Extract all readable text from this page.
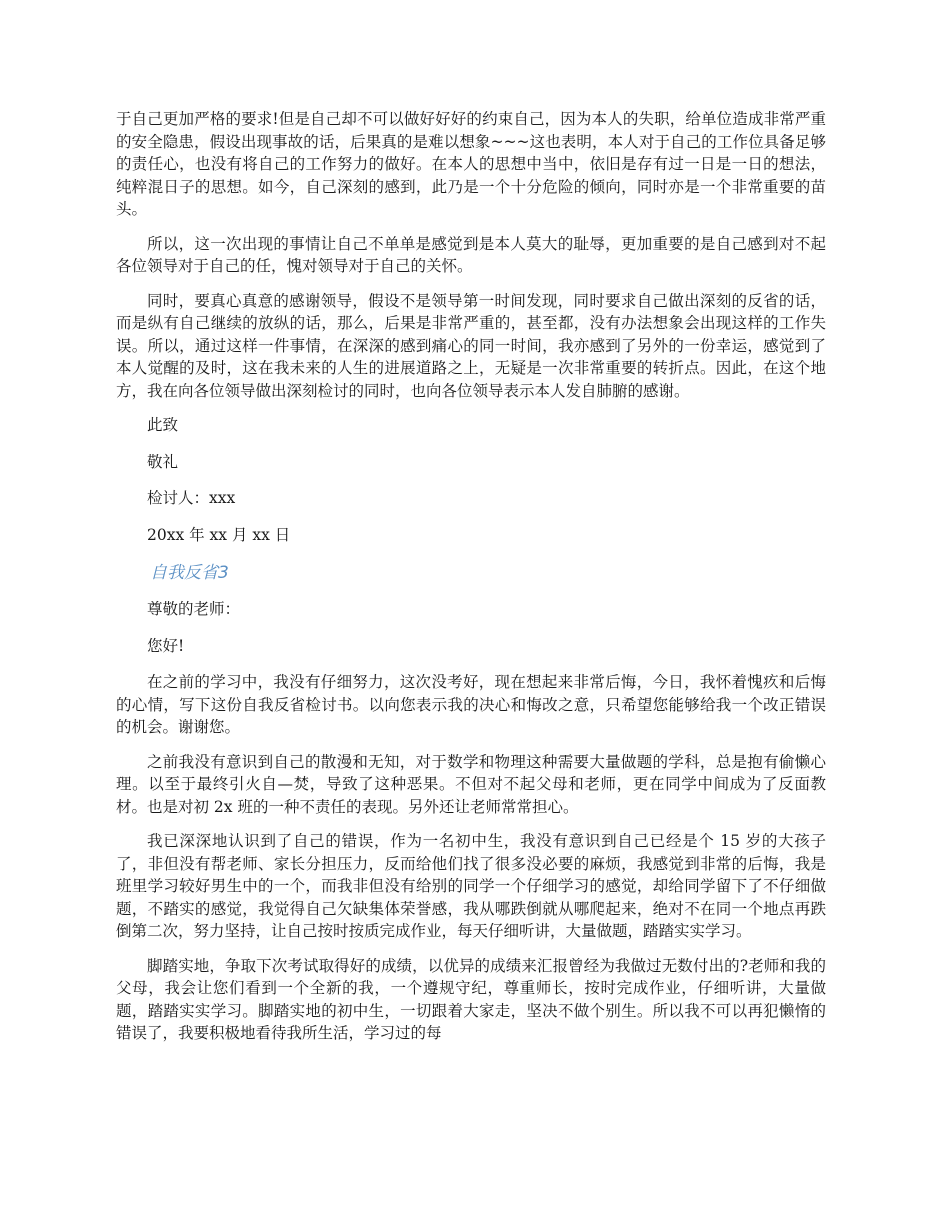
于自己更加严格的要求!但是自己却不可以做好好好的约束自己，因为本人的失职，给单位造成非常严重的安全隐患，假设出现事故的话，后果真的是难以想象~~~这也表明，本人对于自己的工作位具备足够的责任心，也没有将自己的工作努力的做好。在本人的思想中当中，依旧是存有过一日是一日的想法，纯粹混日子的思想。如今，自己深刻的感到，此乃是一个十分危险的倾向，同时亦是一个非常重要的苗头。

所以，这一次出现的事情让自己不单单是感觉到是本人莫大的耻辱，更加重要的是自己感到对不起各位领导对于自己的任，愧对领导对于自己的关怀。

同时，要真心真意的感谢领导，假设不是领导第一时间发现，同时要求自己做出深刻的反省的话，而是纵有自己继续的放纵的话，那么，后果是非常严重的，甚至都，没有办法想象会出现这样的工作失误。所以，通过这样一件事情，在深深的感到痛心的同一时间，我亦感到了另外的一份幸运，感觉到了本人觉醒的及时，这在我未来的人生的进展道路之上，无疑是一次非常重要的转折点。因此，在这个地方，我在向各位领导做出深刻检讨的同时，也向各位领导表示本人发自肺腑的感谢。

此致
敬礼
检讨人：xxx
20xx 年 xx 月 xx 日
自我反省3
尊敬的老师：
您好!

在之前的学习中，我没有仔细努力，这次没考好，现在想起来非常后悔，今日，我怀着愧疚和后悔的心情，写下这份自我反省检讨书。以向您表示我的决心和悔改之意，只希望您能够给我一个改正错误的机会。谢谢您。

之前我没有意识到自己的散漫和无知，对于数学和物理这种需要大量做题的学科，总是抱有偷懒心理。以至于最终引火自—焚，导致了这种恶果。不但对不起父母和老师，更在同学中间成为了反面教材。也是对初 2x 班的一种不责任的表现。另外还让老师常常担心。

我已深深地认识到了自己的错误，作为一名初中生，我没有意识到自己已经是个 15 岁的大孩子了，非但没有帮老师、家长分担压力，反而给他们找了很多没必要的麻烦，我感觉到非常的后悔，我是班里学习较好男生中的一个，而我非但没有给别的同学一个仔细学习的感觉，却给同学留下了不仔细做题，不踏实的感觉，我觉得自己欠缺集体荣誉感，我从哪跌倒就从哪爬起来，绝对不在同一个地点再跌倒第二次，努力坚持，让自己按时按质完成作业，每天仔细听讲，大量做题，踏踏实实学习。

脚踏实地，争取下次考试取得好的成绩，以优异的成绩来汇报曾经为我做过无数付出的?老师和我的父母，我会让您们看到一个全新的我，一个遵规守纪，尊重师长，按时完成作业，仔细听讲，大量做题，踏踏实实学习。脚踏实地的初中生，一切跟着大家走，坚决不做个别生。所以我不可以再犯懒惰的错误了，我要积极地看待我所生活，学习过的每
